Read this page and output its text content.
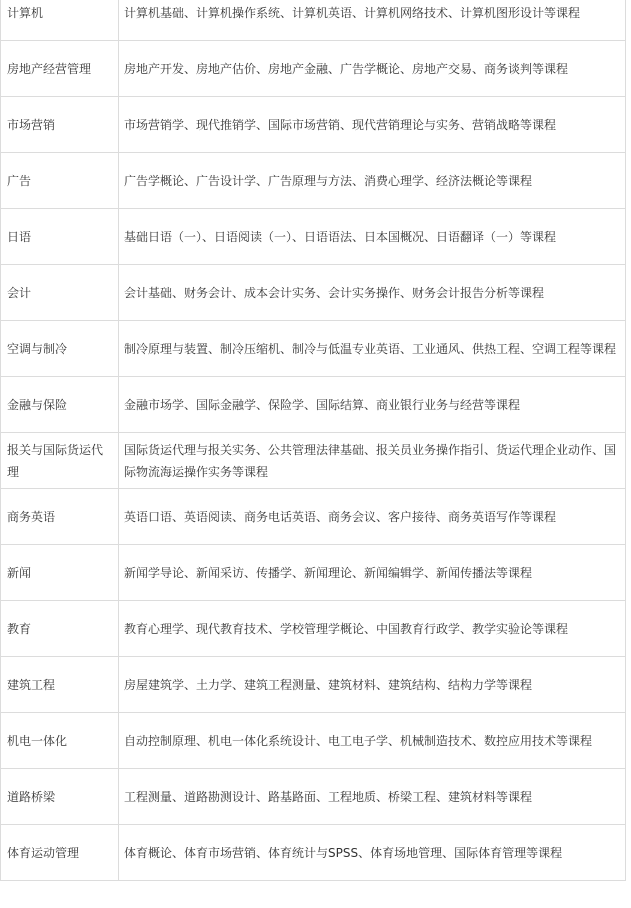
计算机	计算机基础、计算机操作系统、计算机英语、计算机网络技术、计算机图形设计等课程
房地产经营管理	房地产开发、房地产估价、房地产金融、广告学概论、房地产交易、商务谈判等课程
市场营销	市场营销学、现代推销学、国际市场营销、现代营销理论与实务、营销战略等课程
广告	广告学概论、广告设计学、广告原理与方法、消费心理学、经济法概论等课程
日语	基础日语（一）、日语阅读（一）、日语语法、日本国概况、日语翻译（一）等课程
会计	会计基础、财务会计、成本会计实务、会计实务操作、财务会计报告分析等课程
空调与制冷	制冷原理与装置、制冷压缩机、制冷与低温专业英语、工业通风、供热工程、空调工程等课程
金融与保险	金融市场学、国际金融学、保险学、国际结算、商业银行业务与经营等课程
报关与国际货运代理	国际货运代理与报关实务、公共管理法律基础、报关员业务操作指引、货运代理企业动作、国际物流海运操作实务等课程
商务英语	英语口语、英语阅读、商务电话英语、商务会议、客户接待、商务英语写作等课程
新闻	新闻学导论、新闻采访、传播学、新闻理论、新闻编辑学、新闻传播法等课程
教育	教育心理学、现代教育技术、学校管理学概论、中国教育行政学、教学实验论等课程
建筑工程	房屋建筑学、土力学、建筑工程测量、建筑材料、建筑结构、结构力学等课程
机电一体化	自动控制原理、机电一体化系统设计、电工电子学、机械制造技术、数控应用技术等课程
道路桥梁	工程测量、道路勘测设计、路基路面、工程地质、桥梁工程、建筑材料等课程
体育运动管理	体育概论、体育市场营销、体育统计与SPSS、体育场地管理、国际体育管理等课程
